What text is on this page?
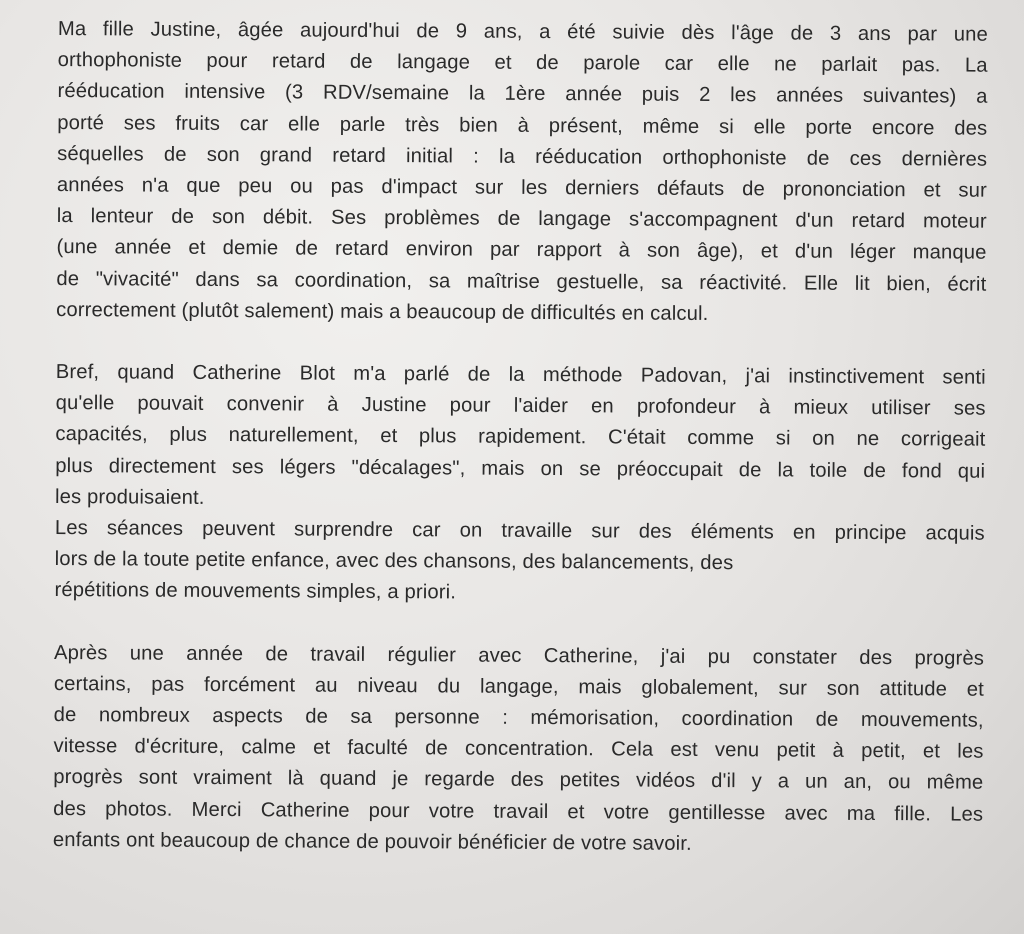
Ma fille Justine, âgée aujourd'hui de 9 ans, a été suivie dès l'âge de 3 ans par une
orthophoniste pour retard de langage et de parole car elle ne parlait pas. La
rééducation intensive (3 RDV/semaine la 1ère année puis 2 les années suivantes) a
porté ses fruits car elle parle très bien à présent, même si elle porte encore des
séquelles de son grand retard initial : la rééducation orthophoniste de ces dernières
années n'a que peu ou pas d'impact sur les derniers défauts de prononciation et sur
la lenteur de son débit. Ses problèmes de langage s'accompagnent d'un retard moteur
(une année et demie de retard environ par rapport à son âge), et d'un léger manque
de "vivacité" dans sa coordination, sa maîtrise gestuelle, sa réactivité. Elle lit bien, écrit
correctement (plutôt salement) mais a beaucoup de difficultés en calcul.

Bref, quand Catherine Blot m'a parlé de la méthode Padovan, j'ai instinctivement senti
qu'elle pouvait convenir à Justine pour l'aider en profondeur à mieux utiliser ses
capacités, plus naturellement, et plus rapidement. C'était comme si on ne corrigeait
plus directement ses légers "décalages", mais on se préoccupait de la toile de fond qui
les produisaient.

Les séances peuvent surprendre car on travaille sur des éléments en principe acquis
lors de la toute petite enfance, avec des chansons, des balancements, des
répétitions de mouvements simples, a priori.

Après une année de travail régulier avec Catherine, j'ai pu constater des progrès
certains, pas forcément au niveau du langage, mais globalement, sur son attitude et
de nombreux aspects de sa personne : mémorisation, coordination de mouvements,
vitesse d'écriture, calme et faculté de concentration. Cela est venu petit à petit, et les
progrès sont vraiment là quand je regarde des petites vidéos d'il y a un an, ou même
des photos. Merci Catherine pour votre travail et votre gentillesse avec ma fille. Les
enfants ont beaucoup de chance de pouvoir bénéficier de votre savoir.
